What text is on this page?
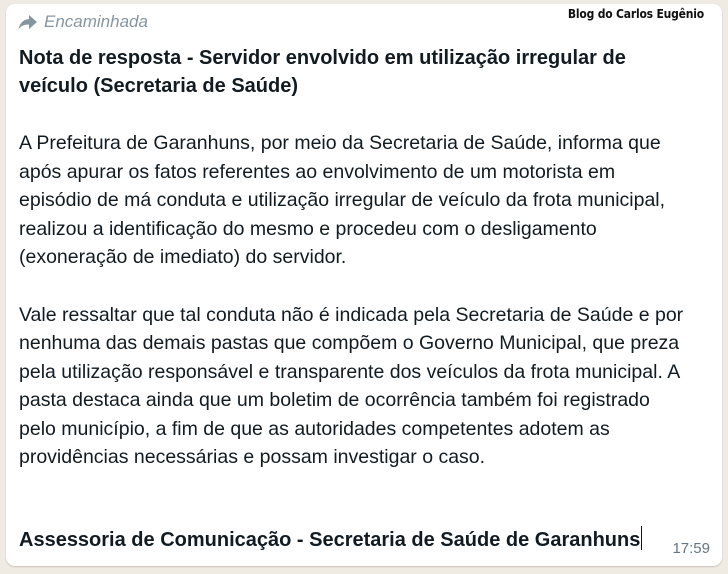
Encaminhada	Blog do Carlos Eugênio

Nota de resposta - Servidor envolvido em utilização irregular de veículo (Secretaria de Saúde)

A Prefeitura de Garanhuns, por meio da Secretaria de Saúde, informa que após apurar os fatos referentes ao envolvimento de um motorista em episódio de má conduta e utilização irregular de veículo da frota municipal, realizou a identificação do mesmo e procedeu com o desligamento (exoneração de imediato) do servidor.

Vale ressaltar que tal conduta não é indicada pela Secretaria de Saúde e por nenhuma das demais pastas que compõem o Governo Municipal, que preza pela utilização responsável e transparente dos veículos da frota municipal. A pasta destaca ainda que um boletim de ocorrência também foi registrado pelo município, a fim de que as autoridades competentes adotem as providências necessárias e possam investigar o caso.

Assessoria de Comunicação - Secretaria de Saúde de Garanhuns 17:59
